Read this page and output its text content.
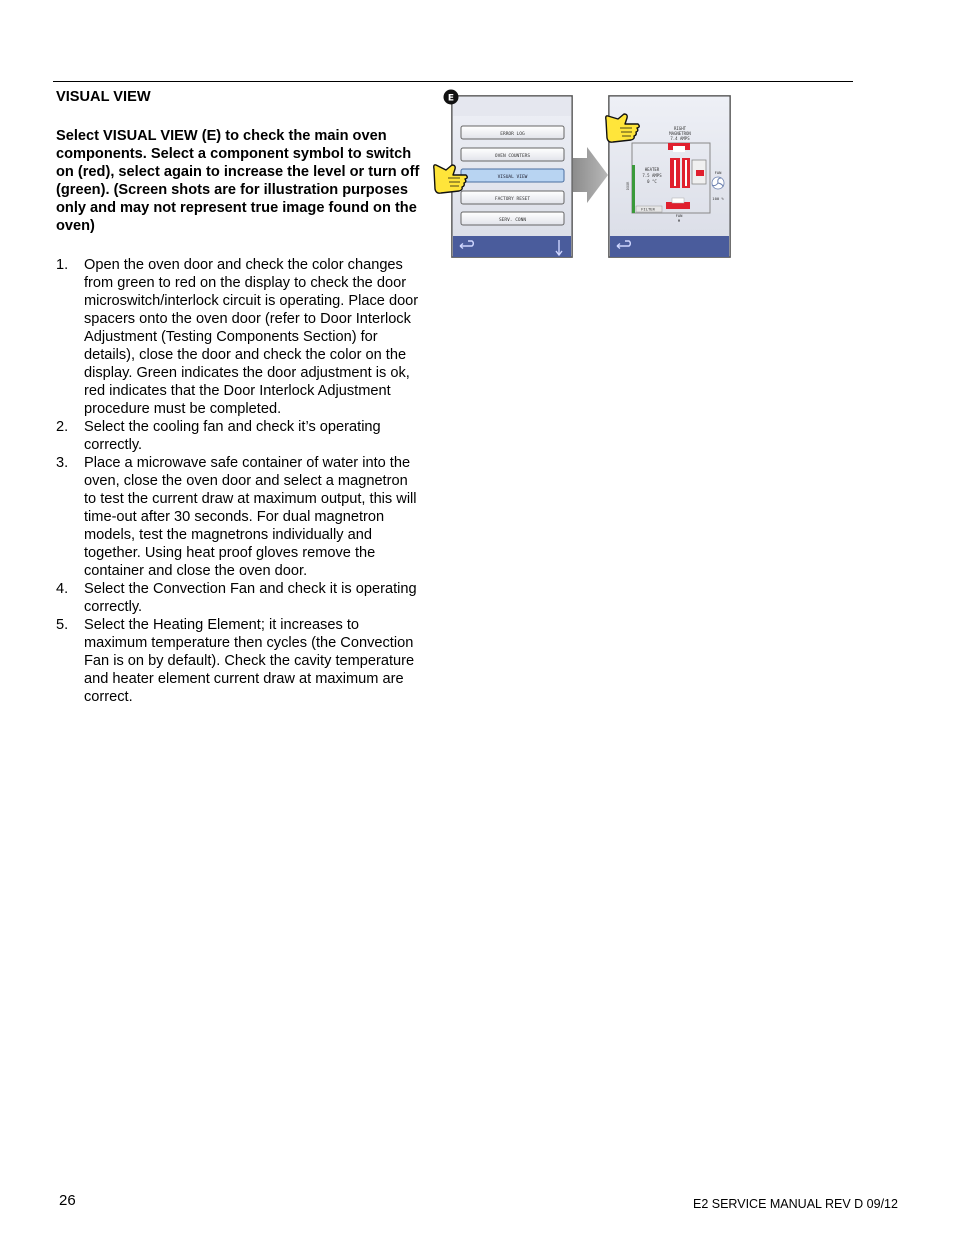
VISUAL VIEW

Select VISUAL VIEW (E) to check the main oven components. Select a component symbol to switch on (red), select again to increase the level or turn off (green). (Screen shots are for illustration purposes only and may not represent true image found on the oven)

1. Open the oven door and check the color changes from green to red on the display to check the door microswitch/interlock circuit is operating. Place door spacers onto the oven door (refer to Door Interlock Adjustment (Testing Components Section) for details), close the door and check the color on the display. Green indicates the door adjustment is ok, red indicates that the Door Interlock Adjustment procedure must be completed.
2. Select the cooling fan and check it’s operating correctly.
3. Place a microwave safe container of water into the oven, close the oven door and select a magnetron to test the current draw at maximum output, this will time-out after 30 seconds. For dual magnetron models, test the magnetrons individually and together. Using heat proof gloves remove the container and close the oven door.
4. Select the Convection Fan and check it is operating correctly.
5. Select the Heating Element; it increases to maximum temperature then cycles (the Convection Fan is on by default). Check the cavity temperature and heater element current draw at maximum are correct.
ERROR LOG
OVEN COUNTERS
VISUAL VIEW
FACTORY RESET
SERV. CONN
E
RIGHT
MAGNETRON
7.4 AMPS
DOOR
HEATER
7.5 AMPS
0 °C
FILTER
FAN
M
FAN
100 %
26	E2 SERVICE MANUAL REV D 09/12
